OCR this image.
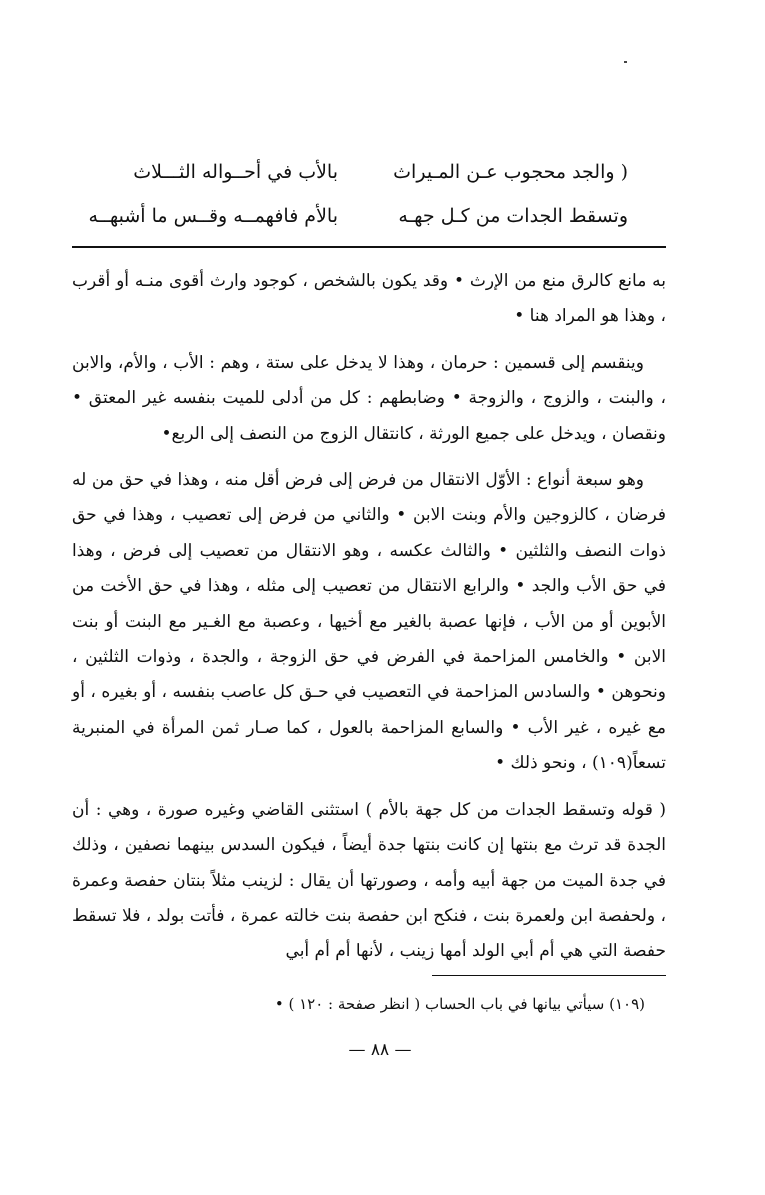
( والجد محجوب عـن المـيراث
بالأب في أحــواله الثـــلاث
وتسقط الجدات من كـل جهـه
بالأم فافهمــه وقــس ما أشبهــه

به مانع كالرق منع من الإرث • وقد يكون بالشخص ، كوجود وارث أقوى منـه أو أقرب ، وهذا هو المراد هنا •

وينقسم إلى قسمين : حرمان ، وهذا لا يدخل على ستة ، وهم : الأب ، والأم، والابن ، والبنت ، والزوج ، والزوجة • وضابطهم : كل من أدلى للميت بنفسه غير المعتق • ونقصان ، ويدخل على جميع الورثة ، كانتقال الزوج من النصف إلى الربع•

وهو سبعة أنواع : الأوّل الانتقال من فرض إلى فرض أقل منه ، وهذا في حق من له فرضان ، كالزوجين والأم وبنت الابن • والثاني من فرض إلى تعصيب ، وهذا في حق ذوات النصف والثلثين • والثالث عكسه ، وهو الانتقال من تعصيب إلى فرض ، وهذا في حق الأب والجد • والرابع الانتقال من تعصيب إلى مثله ، وهذا في حق الأخت من الأبوين أو من الأب ، فإنها عصبة بالغير مع أخيها ، وعصبة مع الغـير مع البنت أو بنت الابن • والخامس المزاحمة في الفرض في حق الزوجة ، والجدة ، وذوات الثلثين ، ونحوهن • والسادس المزاحمة في التعصيب في حـق كل عاصب بنفسه ، أو بغيره ، أو مع غيره ، غير الأب • والسابع المزاحمة بالعول ، كما صـار ثمن المرأة في المنبرية تسعاً(١٠٩) ، ونحو ذلك •

( قوله وتسقط الجدات من كل جهة بالأم ) استثنى القاضي وغيره صورة ، وهي : أن الجدة قد ترث مع بنتها إن كانت بنتها جدة أيضاً ، فيكون السدس بينهما نصفين ، وذلك في جدة الميت من جهة أبيه وأمه ، وصورتها أن يقال : لزينب مثلاً بنتان حفصة وعمرة ، ولحفصة ابن ولعمرة بنت ، فنكح ابن حفصة بنت خالته عمرة ، فأتت بولد ، فلا تسقط حفصة التي هي أم أبي الولد أمها زينب ، لأنها أم أم أبي

(١٠٩) سيأتي بيانها في باب الحساب ( انظر صفحة : ١٢٠ ) •
— ٨٨ —
